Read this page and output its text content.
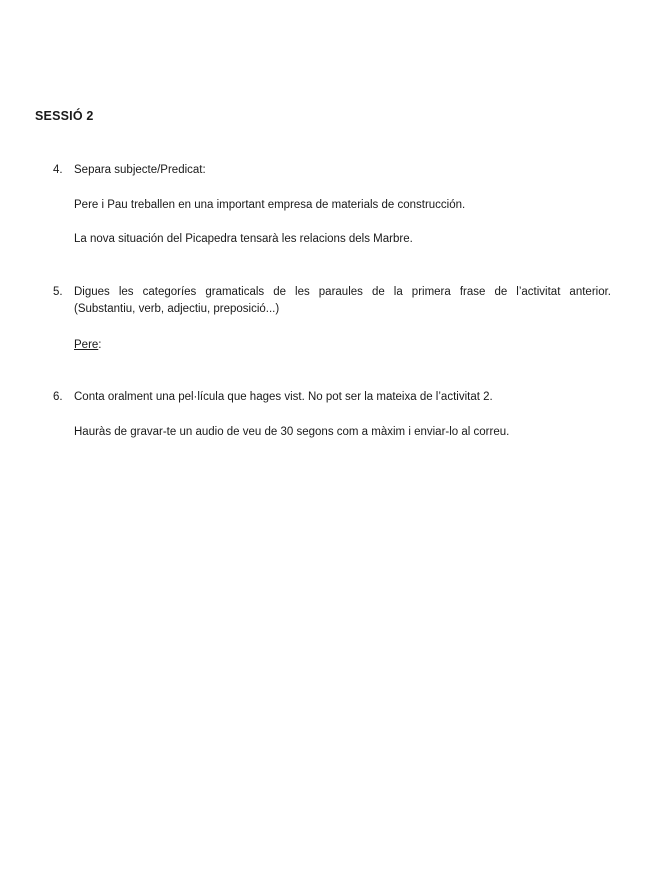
SESSIÓ 2
4. Separa subjecte/Predicat:
Pere i Pau treballen en una important empresa de materials de construcción.
La nova situación del Picapedra tensarà les relacions dels Marbre.
5. Digues les categoríes gramaticals de les paraules de la primera frase de l’activitat anterior.
(Substantiu, verb, adjectiu, preposició...)
Pere:
6. Conta oralment una pel·lícula que hages vist. No pot ser la mateixa de l’activitat 2.
Hauràs de gravar-te un audio de veu de 30 segons com a màxim i enviar-lo al correu.
